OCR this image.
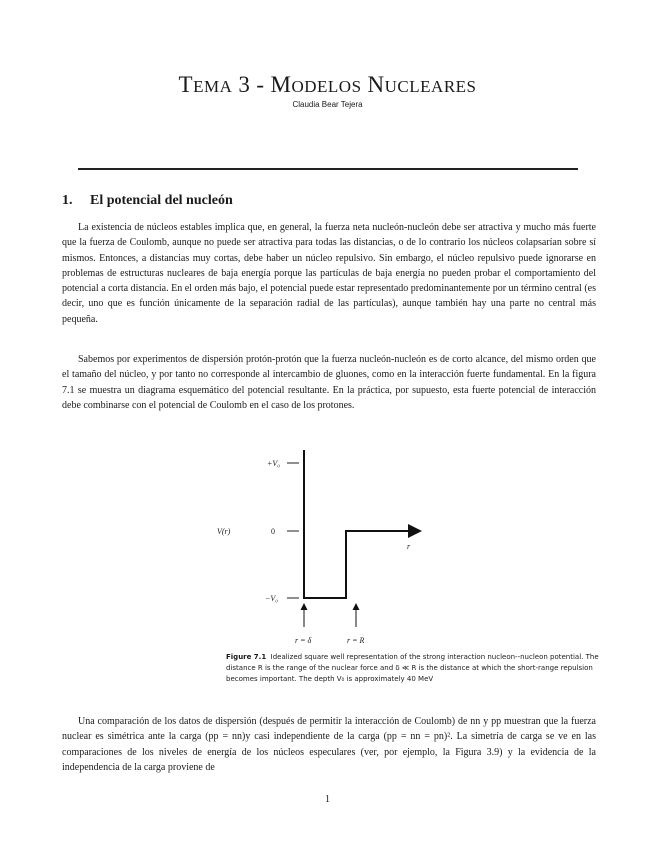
TEMA 3 - MODELOS NUCLEARES
Claudia Bear Tejera
1. El potencial del nucleón

La existencia de núcleos estables implica que, en general, la fuerza neta nucleón-nucleón debe ser atractiva y mucho más fuerte que la fuerza de Coulomb, aunque no puede ser atractiva para todas las distancias, o de lo contrario los núcleos colapsarían sobre sí mismos. Entonces, a distancias muy cortas, debe haber un núcleo repulsivo. Sin embargo, el núcleo repulsivo puede ignorarse en problemas de estructuras nucleares de baja energía porque las partículas de baja energía no pueden probar el comportamiento del potencial a corta distancia. En el orden más bajo, el potencial puede estar representado predominantemente por un término central (es decir, uno que es función únicamente de la separación radial de las partículas), aunque también hay una parte no central más pequeña.

Sabemos por experimentos de dispersión protón-protón que la fuerza nucleón-nucleón es de corto alcance, del mismo orden que el tamaño del núcleo, y por tanto no corresponde al intercambio de gluones, como en la interacción fuerte fundamental. En la figura 7.1 se muestra un diagrama esquemático del potencial resultante. En la práctica, por supuesto, esta fuerte potencial de interacción debe combinarse con el potencial de Coulomb en el caso de los protones.

+V₀
V(r)	0
−V₀
r
r = δ	r = R
Figure 7.1 Idealized square well representation of the strong interaction nucleon--nucleon potential. The distance R is the range of the nuclear force and δ ≪ R is the distance at which the short-range repulsion becomes important. The depth V₀ is approximately 40 MeV

Una comparación de los datos de dispersión (después de permitir la interacción de Coulomb) de nn y pp muestran que la fuerza nuclear es simétrica ante la carga (pp = nn)y casi independiente de la carga (pp = nn = pn)². La simetría de carga se ve en las comparaciones de los niveles de energía de los núcleos especulares (ver, por ejemplo, la Figura 3.9) y la evidencia de la independencia de la carga proviene de

1
